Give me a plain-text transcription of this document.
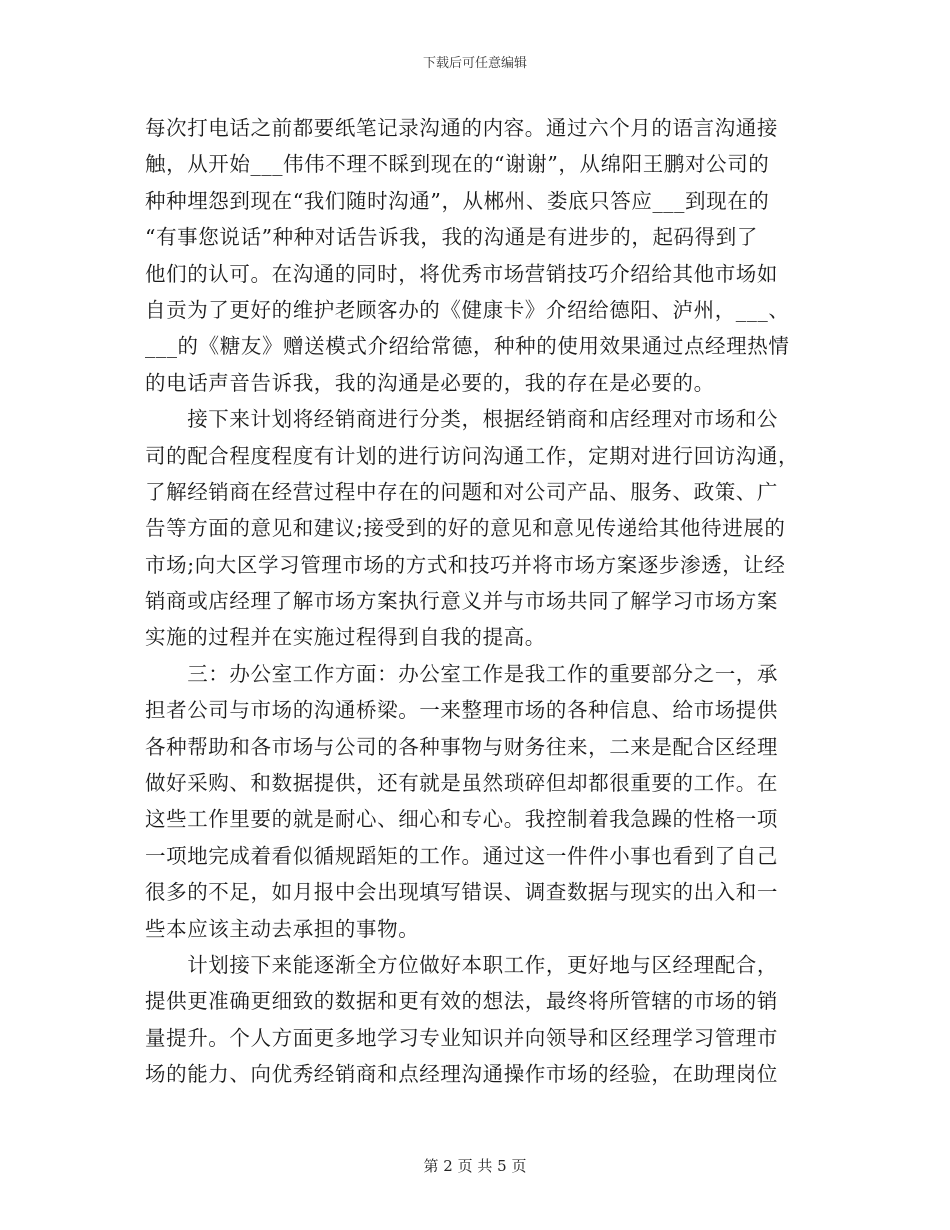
下载后可任意编辑
每次打电话之前都要纸笔记录沟通的内容。通过六个月的语言沟通接
触，从开始___伟伟不理不睬到现在的“谢谢”，从绵阳王鹏对公司的
种种埋怨到现在“我们随时沟通”，从郴州、娄底只答应___到现在的
“有事您说话”种种对话告诉我，我的沟通是有进步的，起码得到了
他们的认可。在沟通的同时，将优秀市场营销技巧介绍给其他市场如
自贡为了更好的维护老顾客办的《健康卡》介绍给德阳、泸州，___、
___的《糖友》赠送模式介绍给常德，种种的使用效果通过点经理热情
的电话声音告诉我，我的沟通是必要的，我的存在是必要的。
　　接下来计划将经销商进行分类，根据经销商和店经理对市场和公
司的配合程度程度有计划的进行访问沟通工作，定期对进行回访沟通，
了解经销商在经营过程中存在的问题和对公司产品、服务、政策、广
告等方面的意见和建议;接受到的好的意见和意见传递给其他待进展的
市场;向大区学习管理市场的方式和技巧并将市场方案逐步渗透，让经
销商或店经理了解市场方案执行意义并与市场共同了解学习市场方案
实施的过程并在实施过程得到自我的提高。
　　三：办公室工作方面：办公室工作是我工作的重要部分之一，承
担者公司与市场的沟通桥梁。一来整理市场的各种信息、给市场提供
各种帮助和各市场与公司的各种事物与财务往来，二来是配合区经理
做好采购、和数据提供，还有就是虽然琐碎但却都很重要的工作。在
这些工作里要的就是耐心、细心和专心。我控制着我急躁的性格一项
一项地完成着看似循规蹈矩的工作。通过这一件件小事也看到了自己
很多的不足，如月报中会出现填写错误、调查数据与现实的出入和一
些本应该主动去承担的事物。
　　计划接下来能逐渐全方位做好本职工作，更好地与区经理配合，
提供更准确更细致的数据和更有效的想法，最终将所管辖的市场的销
量提升。个人方面更多地学习专业知识并向领导和区经理学习管理市
场的能力、向优秀经销商和点经理沟通操作市场的经验，在助理岗位
第 2 页 共 5 页
